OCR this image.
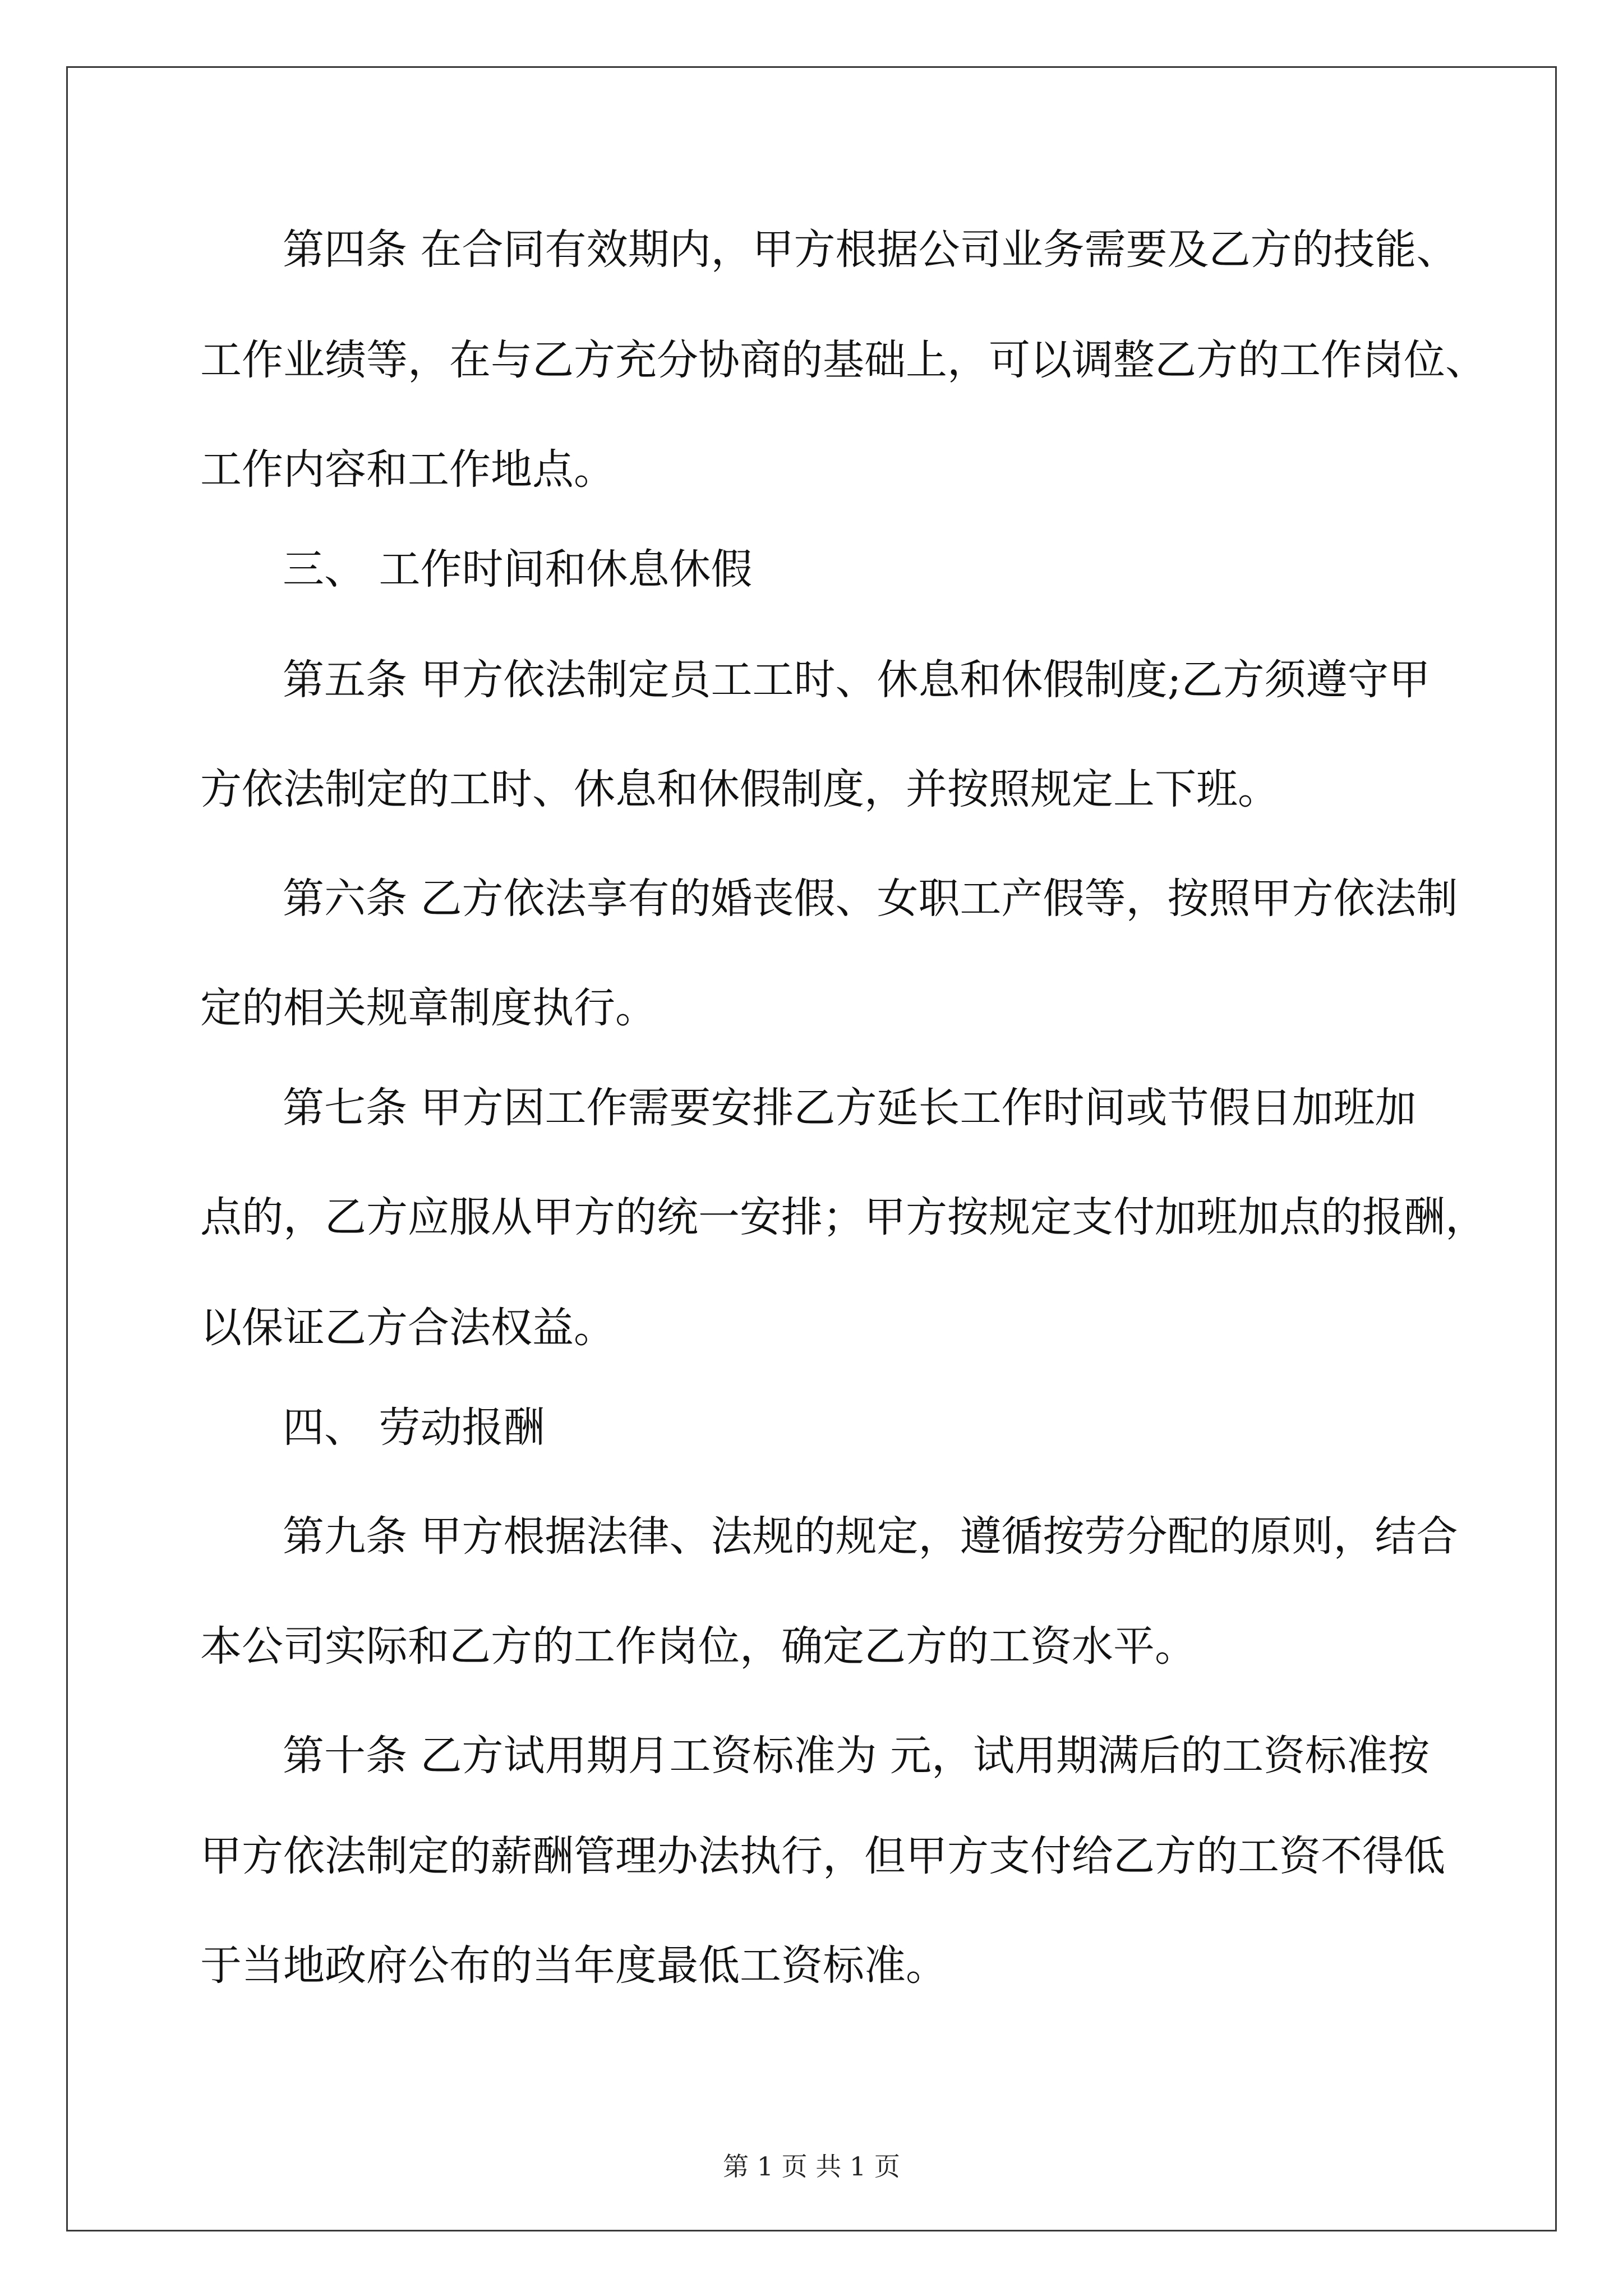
第四条 在合同有效期内，甲方根据公司业务需要及乙方的技能、
工作业绩等，在与乙方充分协商的基础上，可以调整乙方的工作岗位、
工作内容和工作地点。
三、 工作时间和休息休假
第五条 甲方依法制定员工工时、休息和休假制度;乙方须遵守甲
方依法制定的工时、休息和休假制度，并按照规定上下班。
第六条 乙方依法享有的婚丧假、女职工产假等，按照甲方依法制
定的相关规章制度执行。
第七条 甲方因工作需要安排乙方延长工作时间或节假日加班加
点的，乙方应服从甲方的统一安排；甲方按规定支付加班加点的报酬，
以保证乙方合法权益。
四、 劳动报酬
第九条 甲方根据法律、法规的规定，遵循按劳分配的原则，结合
本公司实际和乙方的工作岗位，确定乙方的工资水平。
第十条 乙方试用期月工资标准为 元，试用期满后的工资标准按
甲方依法制定的薪酬管理办法执行，但甲方支付给乙方的工资不得低
于当地政府公布的当年度最低工资标准。
第 1 页 共 1 页
